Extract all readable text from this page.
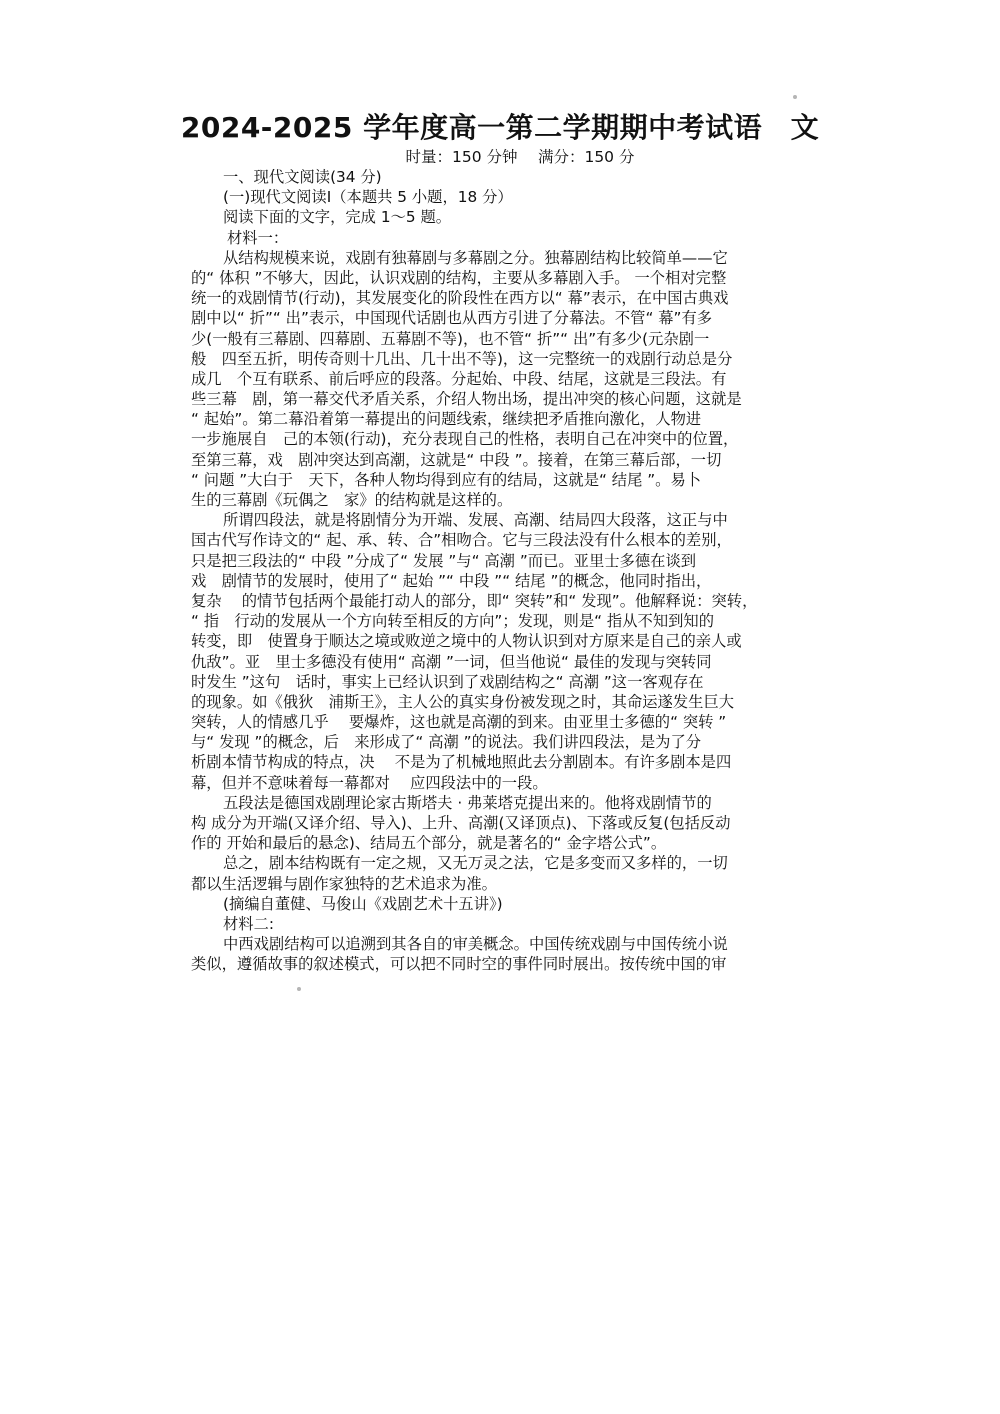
2024-2025 学年度高一第二学期期中考试语　文
时量：150 分钟　 满分：150 分
一、现代文阅读(34 分)
(一)现代文阅读Ⅰ（本题共 5 小题，18 分）
阅读下面的文字，完成 1～5 题。
材料一：
从结构规模来说，戏剧有独幕剧与多幕剧之分。独幕剧结构比较简单——它
的“ 体积 ”不够大，因此，认识戏剧的结构，主要从多幕剧入手。 一个相对完整
统一的戏剧情节(行动)，其发展变化的阶段性在西方以“ 幕”表示，在中国古典戏
剧中以“ 折”“ 出”表示，中国现代话剧也从西方引进了分幕法。不管“ 幕”有多
少(一般有三幕剧、四幕剧、五幕剧不等)，也不管“ 折”“ 出”有多少(元杂剧一
般　四至五折，明传奇则十几出、几十出不等)，这一完整统一的戏剧行动总是分
成几　个互有联系、前后呼应的段落。分起始、中段、结尾，这就是三段法。有
些三幕　剧，第一幕交代矛盾关系，介绍人物出场，提出冲突的核心问题，这就是
“ 起始”。第二幕沿着第一幕提出的问题线索，继续把矛盾推向激化，人物进
一步施展自　己的本领(行动)，充分表现自己的性格，表明自己在冲突中的位置，
至第三幕，戏　剧冲突达到高潮，这就是“ 中段 ”。接着，在第三幕后部，一切
“ 问题 ”大白于　天下，各种人物均得到应有的结局，这就是“ 结尾 ”。易卜
生的三幕剧《玩偶之　家》的结构就是这样的。
所谓四段法，就是将剧情分为开端、发展、高潮、结局四大段落，这正与中
国古代写作诗文的“ 起、承、转、合”相吻合。它与三段法没有什么根本的差别，
只是把三段法的“ 中段 ”分成了“ 发展 ”与“ 高潮 ”而已。亚里士多德在谈到
戏　剧情节的发展时，使用了“ 起始 ”“ 中段 ”“ 结尾 ”的概念，他同时指出，
复杂　 的情节包括两个最能打动人的部分，即“ 突转”和“ 发现”。他解释说：突转，
“ 指　行动的发展从一个方向转至相反的方向”；发现，则是“ 指从不知到知的
转变，即　使置身于顺达之境或败逆之境中的人物认识到对方原来是自己的亲人或
仇敌”。亚　里士多德没有使用“ 高潮 ”一词，但当他说“ 最佳的发现与突转同
时发生 ”这句　话时，事实上已经认识到了戏剧结构之“ 高潮 ”这一客观存在
的现象。如《俄狄　浦斯王》，主人公的真实身份被发现之时，其命运遂发生巨大
突转，人的情感几乎　 要爆炸，这也就是高潮的到来。由亚里士多德的“ 突转 ”
与“ 发现 ”的概念，后　来形成了“ 高潮 ”的说法。我们讲四段法，是为了分
析剧本情节构成的特点，决　 不是为了机械地照此去分割剧本。有许多剧本是四
幕，但并不意味着每一幕都对　 应四段法中的一段。
五段法是德国戏剧理论家古斯塔夫 · 弗莱塔克提出来的。他将戏剧情节的
构 成分为开端(又译介绍、导入)、上升、高潮(又译顶点)、下落或反复(包括反动
作的 开始和最后的悬念)、结局五个部分，就是著名的“ 金字塔公式”。
总之，剧本结构既有一定之规，又无万灵之法，它是多变而又多样的，一切
都以生活逻辑与剧作家独特的艺术追求为准。
(摘编自董健、马俊山《戏剧艺术十五讲》)
材料二:
中西戏剧结构可以追溯到其各自的审美概念。中国传统戏剧与中国传统小说
类似，遵循故事的叙述模式，可以把不同时空的事件同时展出。按传统中国的审
